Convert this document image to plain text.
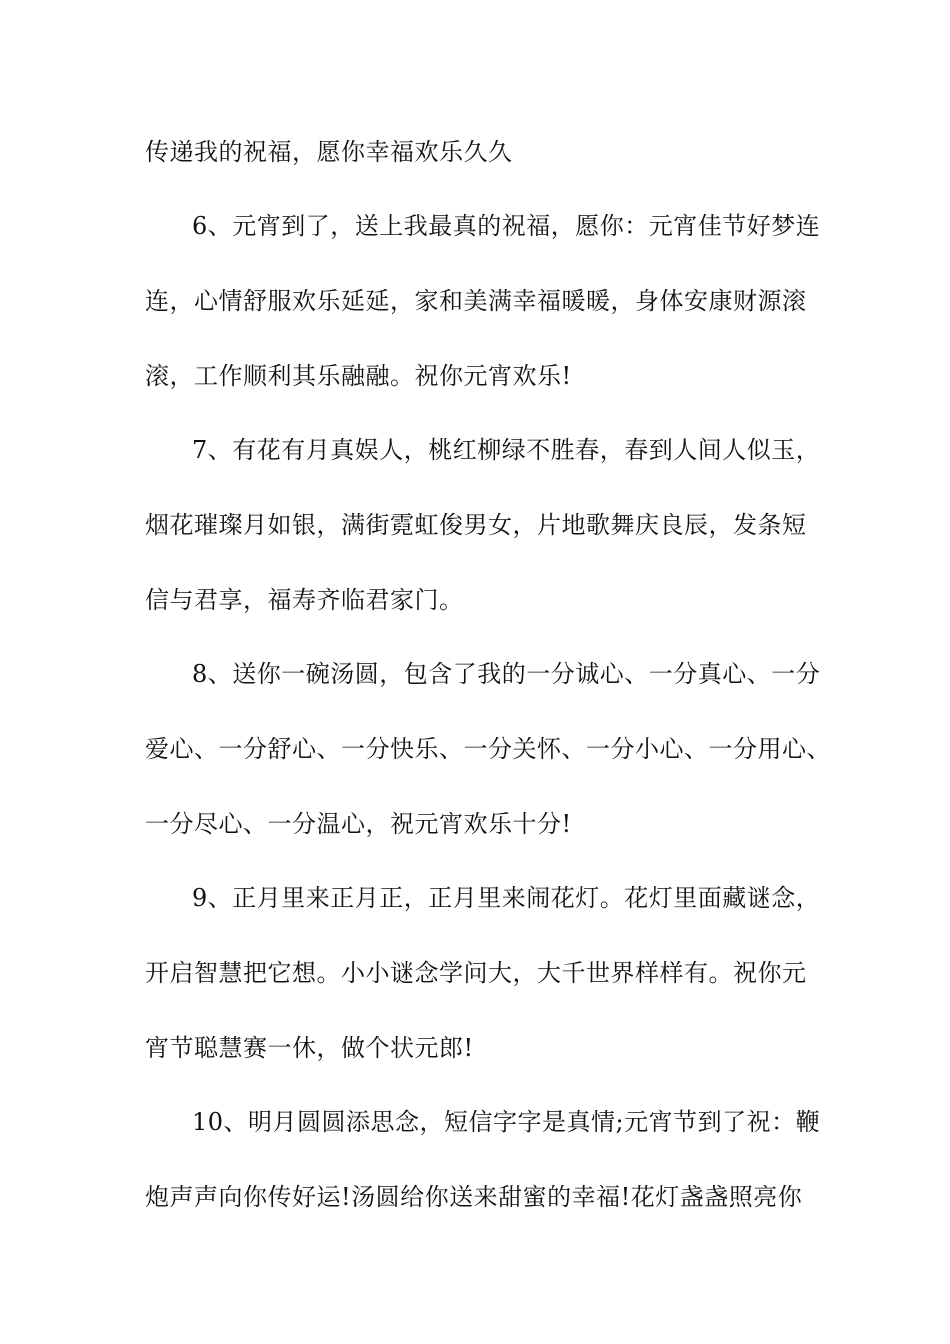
传递我的祝福，愿你幸福欢乐久久
6、元宵到了，送上我最真的祝福，愿你：元宵佳节好梦连
连，心情舒服欢乐延延，家和美满幸福暖暖，身体安康财源滚
滚，工作顺利其乐融融。祝你元宵欢乐!
7、有花有月真娱人，桃红柳绿不胜春，春到人间人似玉，
烟花璀璨月如银，满街霓虹俊男女，片地歌舞庆良辰，发条短
信与君享，福寿齐临君家门。
8、送你一碗汤圆，包含了我的一分诚心、一分真心、一分
爱心、一分舒心、一分快乐、一分关怀、一分小心、一分用心、
一分尽心、一分温心，祝元宵欢乐十分!
9、正月里来正月正，正月里来闹花灯。花灯里面藏谜念，
开启智慧把它想。小小谜念学问大，大千世界样样有。祝你元
宵节聪慧赛一休，做个状元郎!
10、明月圆圆添思念，短信字字是真情;元宵节到了祝：鞭
炮声声向你传好运!汤圆给你送来甜蜜的幸福!花灯盏盏照亮你
